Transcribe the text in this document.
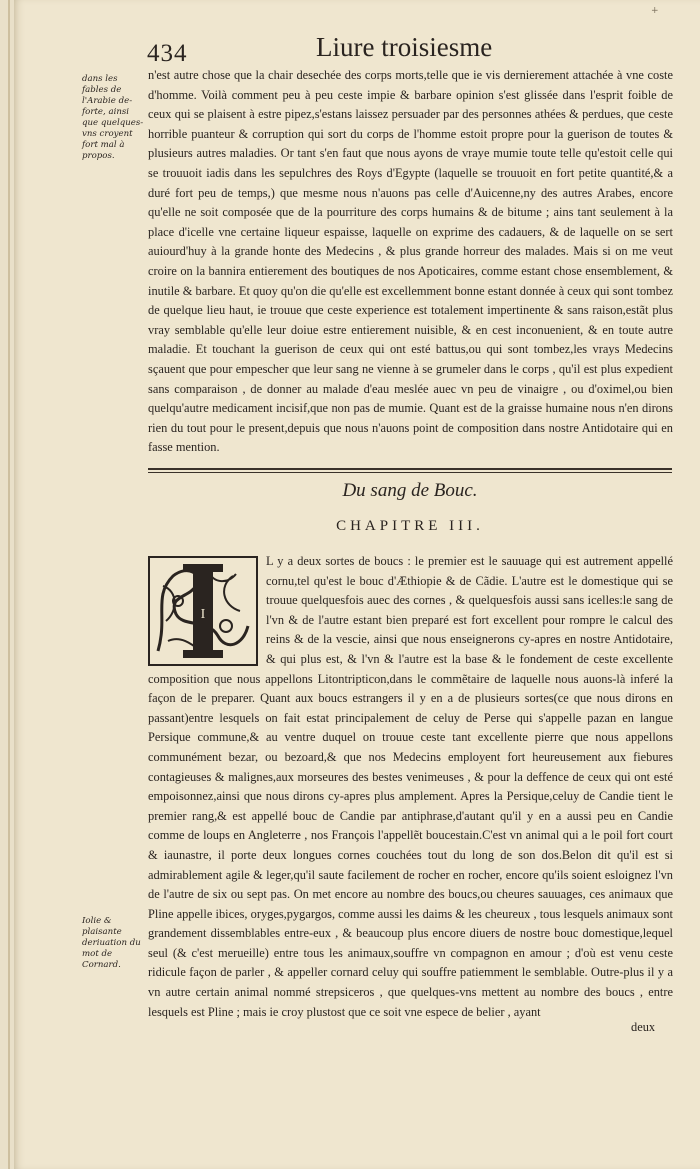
+
434	Liure troisiesme
dans les fables de l'Arabie de-forte, ainsi que quelques-vns croyent fort mal à propos.
Iolie & plaisante deriuation du mot de Cornard.
n'est autre chose que la chair desechée des corps morts,telle que ie vis dernierement attachée à vne coste d'homme. Voilà comment peu à peu ceste impie & barbare opinion s'est glissée dans l'esprit foible de ceux qui se plaisent à estre pipez,s'estans laissez persuader par des personnes athées & perdues, que ceste horrible puanteur & corruption qui sort du corps de l'homme estoit propre pour la guerison de toutes & plusieurs autres maladies. Or tant s'en faut que nous ayons de vraye mumie toute telle qu'estoit celle qui se trouuoit iadis dans les sepulchres des Roys d'Egypte (laquelle se trouuoit en fort petite quantité,& a duré fort peu de temps,) que mesme nous n'auons pas celle d'Auicenne,ny des autres Arabes, encore qu'elle ne soit composée que de la pourriture des corps humains & de bitume ; ains tant seulement à la place d'icelle vne certaine liqueur espaisse, laquelle on exprime des cadauers, & de laquelle on se sert auiourd'huy à la grande honte des Medecins , & plus grande horreur des malades. Mais si on me veut croire on la bannira entierement des boutiques de nos Apoticaires, comme estant chose ensemblement, & inutile & barbare. Et quoy qu'on die qu'elle est excellemment bonne estant donnée à ceux qui sont tombez de quelque lieu haut, ie trouue que ceste experience est totalement impertinente & sans raison,estãt plus vray semblable qu'elle leur doiue estre entierement nuisible, & en cest inconuenient, & en toute autre maladie. Et touchant la guerison de ceux qui ont esté battus,ou qui sont tombez,les vrays Medecins sçauent que pour empescher que leur sang ne vienne à se grumeler dans le corps , qu'il est plus expedient sans comparaison , de donner au malade d'eau meslée auec vn peu de vinaigre , ou d'oximel,ou bien quelqu'autre medicament incisif,que non pas de mumie. Quant est de la graisse humaine nous n'en dirons rien du tout pour le present,depuis que nous n'auons point de composition dans nostre Antidotaire qui en fasse mention.
Du sang de Bouc.
CHAPITRE III.
I
L y a deux sortes de boucs : le premier est le sauuage qui est autrement appellé cornu,tel qu'est le bouc d'Æthiopie & de Cãdie. L'autre est le domestique qui se trouue quelquesfois auec des cornes , & quelquesfois aussi sans icelles:le sang de l'vn & de l'autre estant bien preparé est fort excellent pour rompre le calcul des reins & de la vescie, ainsi que nous enseignerons cy-apres en nostre Antidotaire, & qui plus est, & l'vn & l'autre est la base & le fondement de ceste excellente composition que nous appellons Litontripticon,dans le commẽtaire de laquelle nous auons-là inferé la façon de le preparer. Quant aux boucs estrangers il y en a de plusieurs sortes(ce que nous dirons en passant)entre lesquels on fait estat principalement de celuy de Perse qui s'appelle pazan en langue Persique commune,& au ventre duquel on trouue ceste tant excellente pierre que nous appellons communément bezar, ou bezoard,& que nos Medecins employent fort heureusement aux fiebures contagieuses & malignes,aux morseures des bestes venimeuses , & pour la deffence de ceux qui ont esté empoisonnez,ainsi que nous dirons cy-apres plus amplement. Apres la Persique,celuy de Candie tient le premier rang,& est appellé bouc de Candie par antiphrase,d'autant qu'il y en a aussi peu en Candie comme de loups en Angleterre , nos François l'appellẽt boucestain.C'est vn animal qui a le poil fort court & iaunastre, il porte deux longues cornes couchées tout du long de son dos.Belon dit qu'il est si admirablement agile & leger,qu'il saute facilement de rocher en rocher, encore qu'ils soient esloignez l'vn de l'autre de six ou sept pas. On met encore au nombre des boucs,ou cheures sauuages, ces animaux que Pline appelle ibices, oryges,pygargos, comme aussi les daims & les cheureux , tous lesquels animaux sont grandement dissemblables entre-eux , & beaucoup plus encore diuers de nostre bouc domestique,lequel seul (& c'est merueille) entre tous les animaux,souffre vn compagnon en amour ; d'où est venu ceste ridicule façon de parler , & appeller cornard celuy qui souffre patiemment le semblable. Outre-plus il y a vn autre certain animal nommé strepsiceros , que quelques-vns mettent au nombre des boucs , entre lesquels est Pline ; mais ie croy plustost que ce soit vne espece de belier , ayant
deux
